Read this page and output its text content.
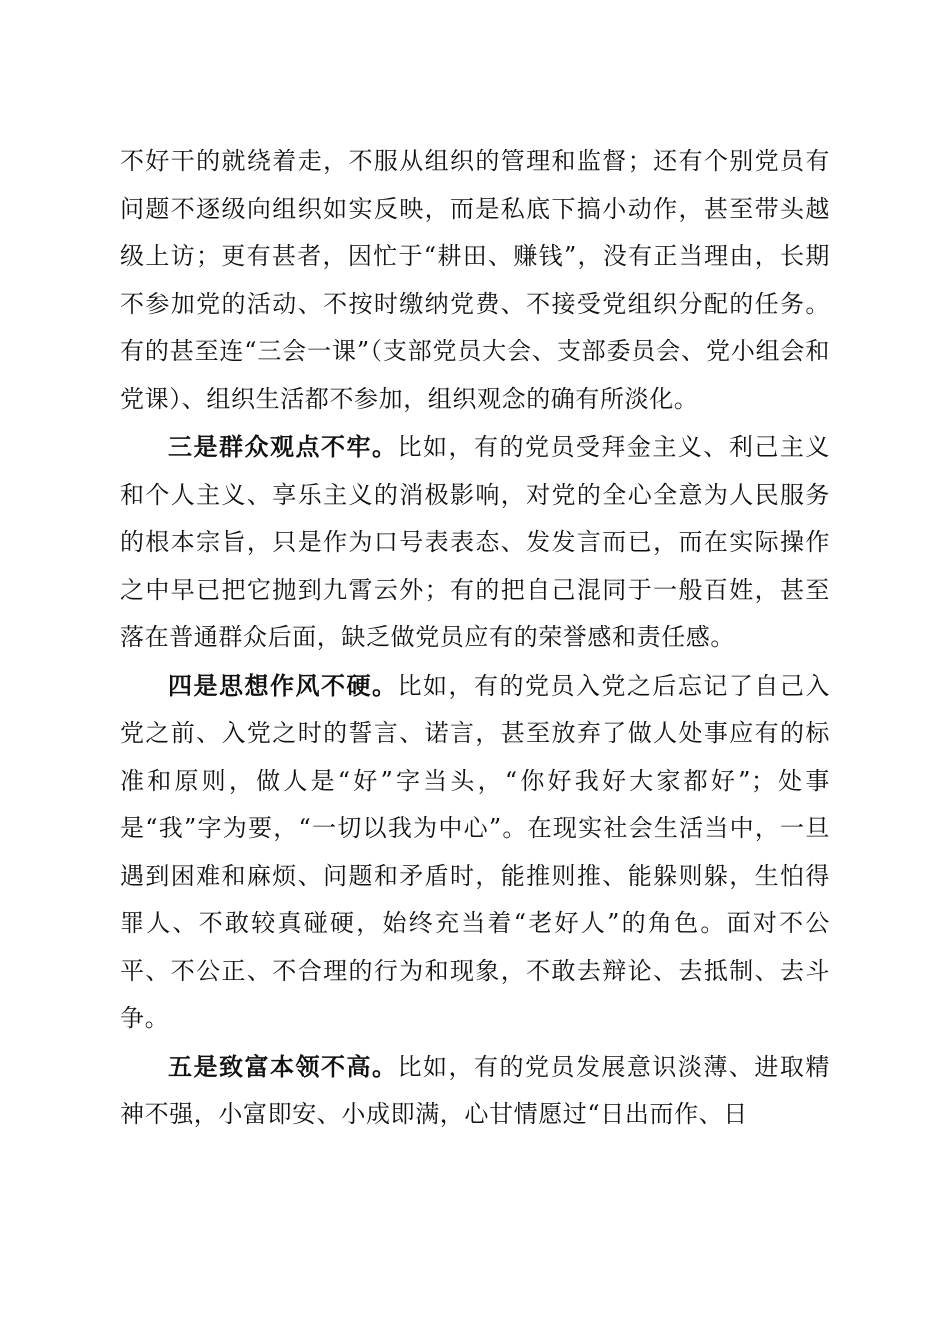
不好干的就绕着走，不服从组织的管理和监督；还有个别党员有问题不逐级向组织如实反映，而是私底下搞小动作，甚至带头越级上访；更有甚者，因忙于“耕田、赚钱”，没有正当理由，长期不参加党的活动、不按时缴纳党费、不接受党组织分配的任务。有的甚至连“三会一课”（支部党员大会、支部委员会、党小组会和党课）、组织生活都不参加，组织观念的确有所淡化。

三是群众观点不牢。比如，有的党员受拜金主义、利己主义和个人主义、享乐主义的消极影响，对党的全心全意为人民服务的根本宗旨，只是作为口号表表态、发发言而已，而在实际操作之中早已把它抛到九霄云外；有的把自己混同于一般百姓，甚至落在普通群众后面，缺乏做党员应有的荣誉感和责任感。

四是思想作风不硬。比如，有的党员入党之后忘记了自己入党之前、入党之时的誓言、诺言，甚至放弃了做人处事应有的标准和原则，做人是“好”字当头，“你好我好大家都好”；处事是“我”字为要，“一切以我为中心”。在现实社会生活当中，一旦遇到困难和麻烦、问题和矛盾时，能推则推、能躲则躲，生怕得罪人、不敢较真碰硬，始终充当着“老好人”的角色。面对不公平、不公正、不合理的行为和现象，不敢去辩论、去抵制、去斗争。

五是致富本领不高。比如，有的党员发展意识淡薄、进取精神不强，小富即安、小成即满，心甘情愿过“日出而作、日
